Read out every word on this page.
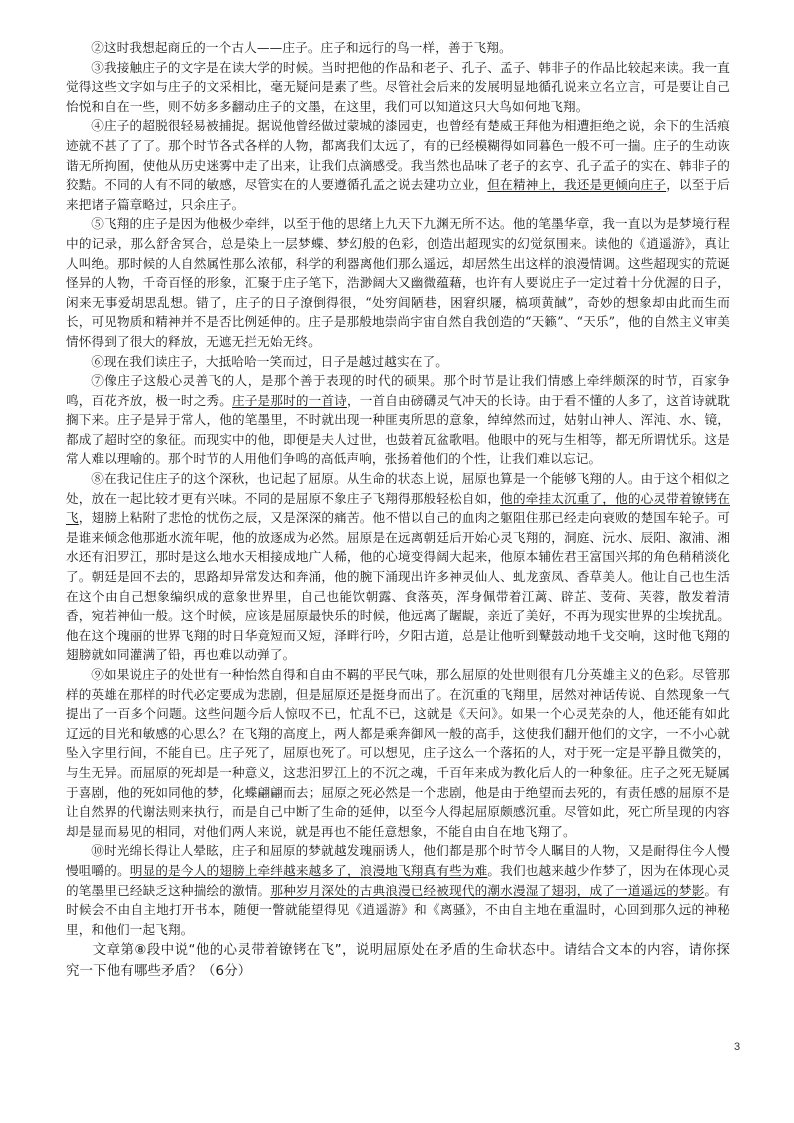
②这时我想起商丘的一个古人——庄子。庄子和远行的鸟一样，善于飞翔。

③我接触庄子的文字是在读大学的时候。当时把他的作品和老子、孔子、孟子、韩非子的作品比较起来读。我一直觉得这些文字如与庄子的文采相比，毫无疑问是素了些。尽管社会后来的发展明显地循孔说来立名立言，可是要让自己怡悦和自在一些，则不妨多多翻动庄子的文墨，在这里，我们可以知道这只大鸟如何地飞翔。

④庄子的超脱很轻易被捕捉。据说他曾经做过蒙城的漆园吏，也曾经有楚威王拜他为相遭拒绝之说，余下的生活痕迹就不甚了了了。那个时节各式各样的人物，都离我们太远了，有的已经模糊得如同暮色一般不可一揣。庄子的生动诙谐无所拘囿，使他从历史迷雾中走了出来，让我们点滴感受。我当然也品味了老子的玄亨、孔子孟子的实在、韩非子的狡黠。不同的人有不同的敏感，尽管实在的人要遵循孔孟之说去建功立业，但在精神上，我还是更倾向庄子，以至于后来把诸子篇章略过，只余庄子。

⑤飞翔的庄子是因为他极少牵绊，以至于他的思绪上九天下九渊无所不达。他的笔墨华章，我一直以为是梦境行程中的记录，那么舒舍冥合，总是染上一层梦蝶、梦幻般的色彩，创造出超现实的幻觉氛围来。读他的《逍遥游》，真让人叫绝。那时候的人自然属性那么浓郁，科学的利器离他们那么遥远，却居然生出这样的浪漫情调。这些超现实的荒诞怪异的人物，千奇百怪的形象，汇聚于庄子笔下，浩渺阔大又幽微蕴藉，也许有人要说庄子一定过着十分优渥的日子，闲来无事爱胡思乱想。错了，庄子的日子潦倒得很，“处穷闾陋巷，困窘织屦，槁项黄馘”，奇妙的想象却由此而生而长，可见物质和精神并不是否比例延伸的。庄子是那般地崇尚宇宙自然自我创造的“天籁”、“天乐”，他的自然主义审美情怀得到了很大的释放，无遮无拦无始无终。

⑥现在我们读庄子，大抵哈哈一笑而过，日子是越过越实在了。

⑦像庄子这般心灵善飞的人，是那个善于表现的时代的硕果。那个时节是让我们情感上牵绊颇深的时节，百家争鸣，百花齐放，极一时之秀。庄子是那时的一首诗，一首自由磅礴灵气冲天的长诗。由于看不懂的人多了，这首诗就耽搁下来。庄子是异于常人，他的笔墨里，不时就出现一种匪夷所思的意象，绰绰然而过，姑射山神人、浑沌、水、镜，都成了超时空的象征。而现实中的他，即便是夫人过世，也鼓着瓦盆歌唱。他眼中的死与生相等，都无所谓忧乐。这是常人难以理喻的。那个时节的人用他们争鸣的高低声响，张扬着他们的个性，让我们难以忘记。

⑧在我记住庄子的这个深秋，也记起了屈原。从生命的状态上说，屈原也算是一个能够飞翔的人。由于这个相似之处，放在一起比较才更有兴味。不同的是屈原不象庄子飞翔得那般轻松自如，他的牵挂太沉重了，他的心灵带着镣铐在飞，翅膀上粘附了悲怆的忧伤之辰，又是深深的痛苦。他不惜以自己的血肉之躯阻住那已经走向衰败的楚国车轮子。可是谁来倾念他那逝水流年呢，他的放逐成为必然。屈原是在远离朝廷后开始心灵飞翔的，洞庭、沅水、辰阳、溆浦、湘水还有汨罗江，那时是这么地水天相接成地广人稀，他的心境变得阔大起来，他原本辅佐君王富国兴邦的角色稍稍淡化了。朝廷是回不去的，思路却异常发达和奔涌，他的腕下涌现出许多神灵仙人、虬龙蛮凤、香草美人。他让自己也生活在这个由自己想象编织成的意象世界里，自己也能饮朝露、食落英，浑身佩带着江蓠、辟芷、芰荷、芙蓉，散发着清香，宛若神仙一般。这个时候，应该是屈原最快乐的时候，他远离了龌龊，亲近了美好，不再为现实世界的尘埃扰乱。他在这个瑰丽的世界飞翔的时日华竟短而又短，泽畔行吟，夕阳古道，总是让他听到鼙鼓动地千戈交响，这时他飞翔的翅膀就如同灌满了铅，再也难以动弹了。

⑨如果说庄子的处世有一种怡然自得和自由不羁的平民气味，那么屈原的处世则很有几分英雄主义的色彩。尽管那样的英雄在那样的时代必定要成为悲剧，但是屈原还是挺身而出了。在沉重的飞翔里，居然对神话传说、自然现象一气提出了一百多个问题。这些问题今后人惊叹不已，忙乱不已，这就是《天问》。如果一个心灵芜杂的人，他还能有如此辽远的目光和敏感的心思么？在飞翔的高度上，两人都是乘奔御风一般的高手，这使我们翻开他们的文字，一不小心就坠入字里行间，不能自已。庄子死了，屈原也死了。可以想见，庄子这么一个落拓的人，对于死一定是平静且微笑的，与生无异。而屈原的死却是一种意义，这悲汨罗江上的不沉之魂，千百年来成为教化后人的一种象征。庄子之死无疑属于喜剧，他的死如同他的梦，化蝶翩翩而去；屈原之死必然是一个悲剧，他是由于绝望而去死的，有责任感的屈原不是让自然界的代谢法则来执行，而是自己中断了生命的延伸，以至今人得起屈原颇感沉重。尽管如此，死亡所呈现的内容却是显而易见的相同，对他们两人来说，就是再也不能任意想象，不能自由自在地飞翔了。

⑩时光绵长得让人晕眩，庄子和屈原的梦就越发瑰丽诱人，他们都是那个时节令人瞩目的人物，又是耐得住今人慢慢咀嚼的。明显的是今人的翅膀上牵绊越来越多了，浪漫地飞翔真有些为难。我们也越来越少作梦了，因为在体现心灵的笔墨里已经缺乏这种揣绘的激情。那种岁月深处的古典浪漫已经被现代的潮水漫湿了翅羽，成了一道遥远的梦影。有时候会不由自主地打开书本，随便一瞥就能望得见《逍遥游》和《离骚》，不由自主地在重温时，心回到那久远的神秘里，和他们一起飞翔。

文章第⑧段中说“他的心灵带着镣铐在飞”，说明屈原处在矛盾的生命状态中。请结合文本的内容，请你探究一下他有哪些矛盾？（6分）

3
